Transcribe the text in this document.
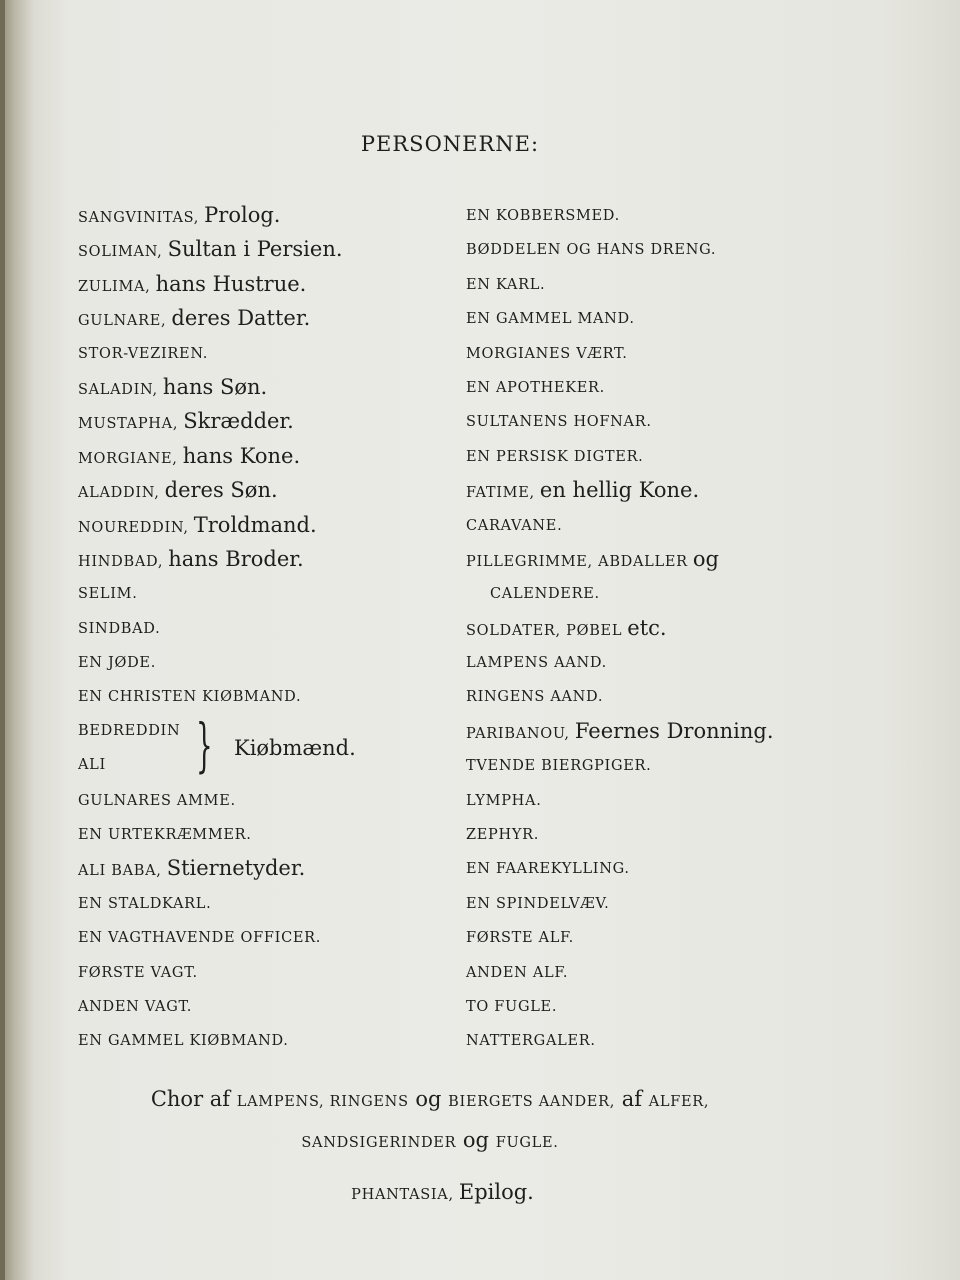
PERSONERNE:
SANGVINITAS, Prolog.
SOLIMAN, Sultan i Persien.
ZULIMA, hans Hustrue.
GULNARE, deres Datter.
STOR-VEZIREN.
SALADIN, hans Søn.
MUSTAPHA, Skrædder.
MORGIANE, hans Kone.
ALADDIN, deres Søn.
NOUREDDIN, Troldmand.
HINDBAD, hans Broder.
SELIM.
SINDBAD.
EN JØDE.
EN CHRISTEN KIØBMAND.
BEDREDDIN
ALI	} Kiøbmænd.
GULNARES AMME.
EN URTEKRÆMMER.
ALI BABA, Stiernetyder.
EN STALDKARL.
EN VAGTHAVENDE OFFICER.
FØRSTE VAGT.
ANDEN VAGT.
EN GAMMEL KIØBMAND.
EN KOBBERSMED.
BØDDELEN OG HANS DRENG.
EN KARL.
EN GAMMEL MAND.
MORGIANES VÆRT.
EN APOTHEKER.
SULTANENS HOFNAR.
EN PERSISK DIGTER.
FATIME, en hellig Kone.
CARAVANE.
PILLEGRIMME, ABDALLER og
CALENDERE.
SOLDATER, PØBEL etc.
LAMPENS AAND.
RINGENS AAND.
PARIBANOU, Feernes Dronning.
TVENDE BIERGPIGER.
LYMPHA.
ZEPHYR.
EN FAAREKYLLING.
EN SPINDELVÆV.
FØRSTE ALF.
ANDEN ALF.
TO FUGLE.
NATTERGALER.

Chor af LAMPENS, RINGENS og BIERGETS AANDER, af ALFER,
SANDSIGERINDER og FUGLE.

PHANTASIA, Epilog.
